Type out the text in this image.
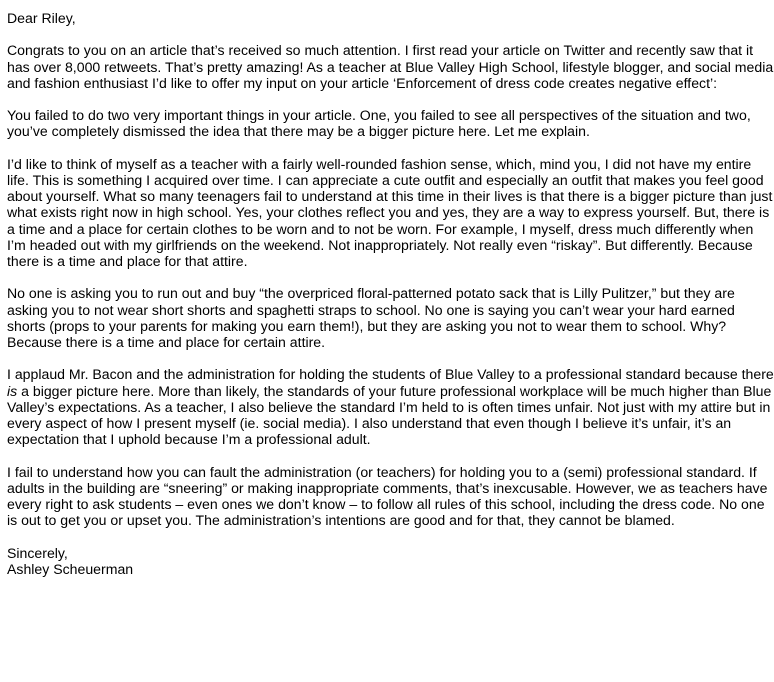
Dear Riley,

Congrats to you on an article that’s received so much attention. I first read your article on Twitter and recently saw that it has over 8,000 retweets. That’s pretty amazing! As a teacher at Blue Valley High School, lifestyle blogger, and social media and fashion enthusiast I’d like to offer my input on your article ‘Enforcement of dress code creates negative effect’:

You failed to do two very important things in your article. One, you failed to see all perspectives of the situation and two, you’ve completely dismissed the idea that there may be a bigger picture here. Let me explain.

I’d like to think of myself as a teacher with a fairly well-rounded fashion sense, which, mind you, I did not have my entire life. This is something I acquired over time. I can appreciate a cute outfit and especially an outfit that makes you feel good about yourself. What so many teenagers fail to understand at this time in their lives is that there is a bigger picture than just what exists right now in high school. Yes, your clothes reflect you and yes, they are a way to express yourself. But, there is a time and a place for certain clothes to be worn and to not be worn. For example, I myself, dress much differently when I’m headed out with my girlfriends on the weekend. Not inappropriately. Not really even “riskay”. But differently. Because there is a time and place for that attire.

No one is asking you to run out and buy “the overpriced floral-patterned potato sack that is Lilly Pulitzer,” but they are asking you to not wear short shorts and spaghetti straps to school. No one is saying you can’t wear your hard earned shorts (props to your parents for making you earn them!), but they are asking you not to wear them to school. Why? Because there is a time and place for certain attire.

I applaud Mr. Bacon and the administration for holding the students of Blue Valley to a professional standard because there is a bigger picture here. More than likely, the standards of your future professional workplace will be much higher than Blue Valley’s expectations. As a teacher, I also believe the standard I’m held to is often times unfair. Not just with my attire but in every aspect of how I present myself (ie. social media). I also understand that even though I believe it’s unfair, it’s an expectation that I uphold because I’m a professional adult.

I fail to understand how you can fault the administration (or teachers) for holding you to a (semi) professional standard. If adults in the building are “sneering” or making inappropriate comments, that’s inexcusable. However, we as teachers have every right to ask students – even ones we don’t know – to follow all rules of this school, including the dress code. No one is out to get you or upset you. The administration’s intentions are good and for that, they cannot be blamed.

Sincerely,

Ashley Scheuerman
